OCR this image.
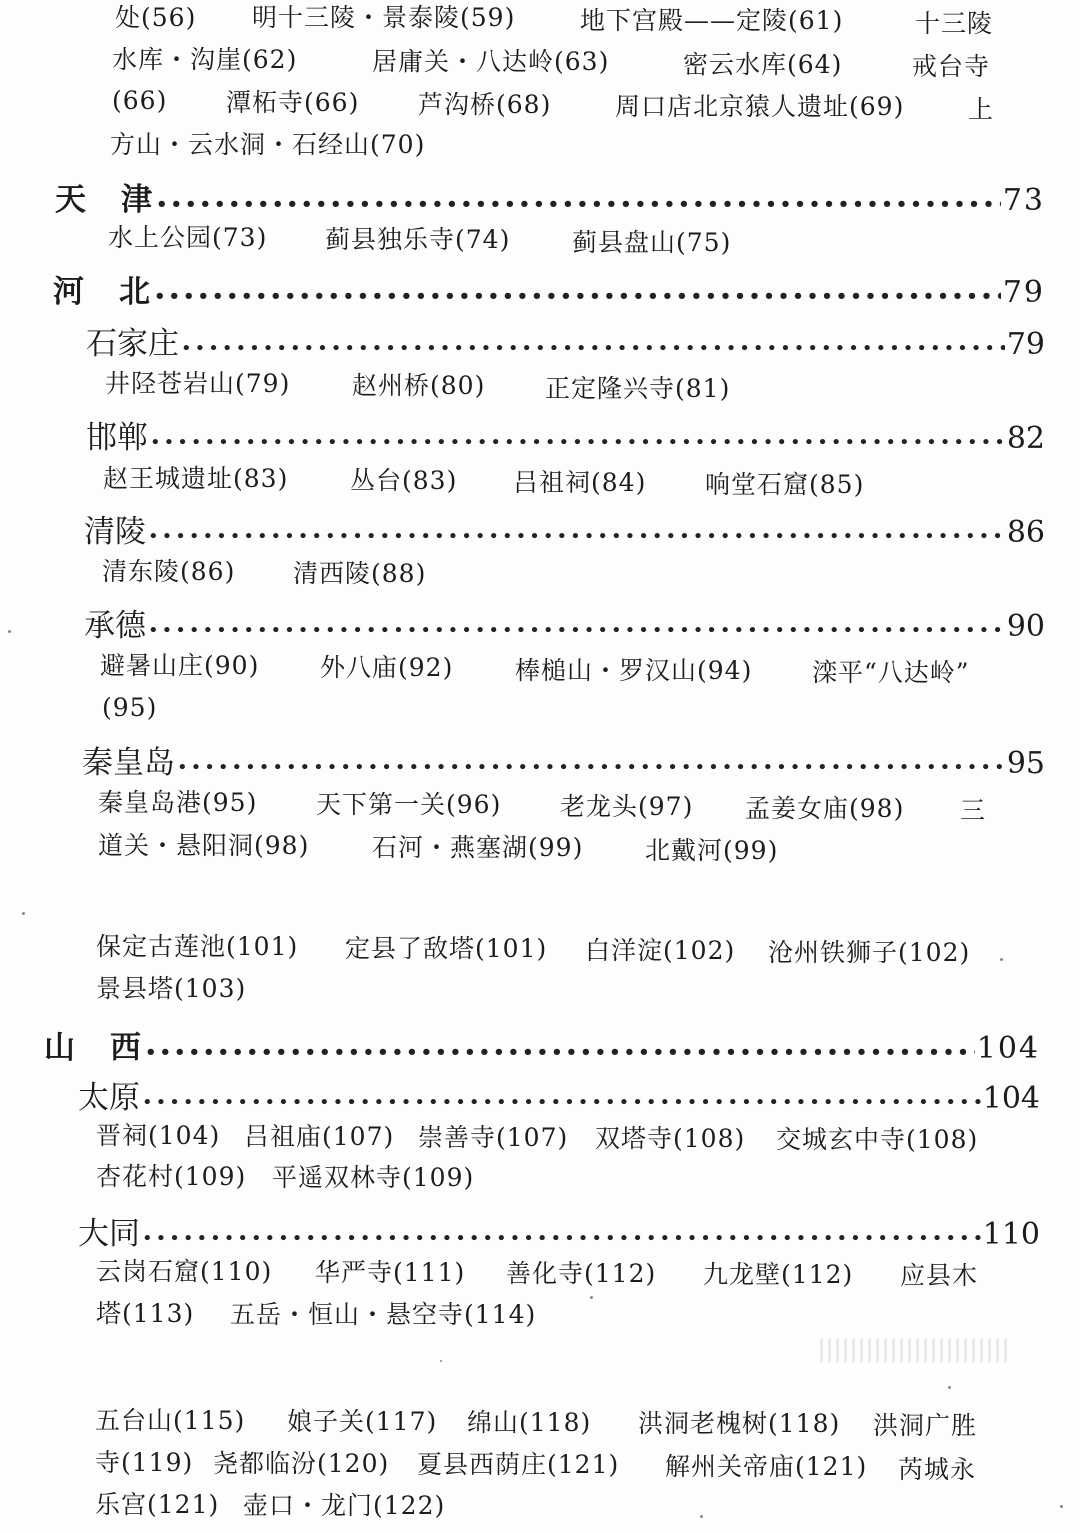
处(56) 明十三陵・景泰陵(59)	地下宫殿——定陵(61)	十三陵
水库・沟崖(62)	居庸关・八达岭(63)	密云水库(64)	戒台寺
(66) 潭柘寺(66) 芦沟桥(68)	周口店北京猿人遗址(69)	上
方山・云水洞・石经山(70)
天　津 •••••	73
水上公园(73) 蓟县独乐寺(74) 蓟县盘山(75)
河　北 •••••	79
石家庄 •••••	79
井陉苍岩山(79) 赵州桥(80) 正定隆兴寺(81)
邯郸 •••••	82
赵王城遗址(83) 丛台(83) 吕祖祠(84) 响堂石窟(85)
清陵 •••••	86
清东陵(86) 清西陵(88)
承德 •••••	90
避暑山庄(90) 外八庙(92) 棒槌山・罗汉山(94) 滦平“八达岭”
(95)
秦皇岛 •••••	95
秦皇岛港(95) 天下第一关(96) 老龙头(97) 孟姜女庙(98) 三
道关・悬阳洞(98)	石河・燕塞湖(99) 北戴河(99)
保定古莲池(101) 定县了敌塔(101) 白洋淀(102) 沧州铁狮子(102)
景县塔(103)
山　西 •••••	104
太原 •••••	104
晋祠(104) 吕祖庙(107) 崇善寺(107) 双塔寺(108) 交城玄中寺(108)
杏花村(109) 平遥双林寺(109)
大同 •••••	110
云岗石窟(110) 华严寺(111) 善化寺(112) 九龙壁(112) 应县木
塔(113) 五岳・恒山・悬空寺(114)
五台山(115) 娘子关(117) 绵山(118) 洪洞老槐树(118) 洪洞广胜
寺(119) 尧都临汾(120) 夏县西荫庄(121) 解州关帝庙(121) 芮城永
乐宫(121) 壶口・龙门(122)
